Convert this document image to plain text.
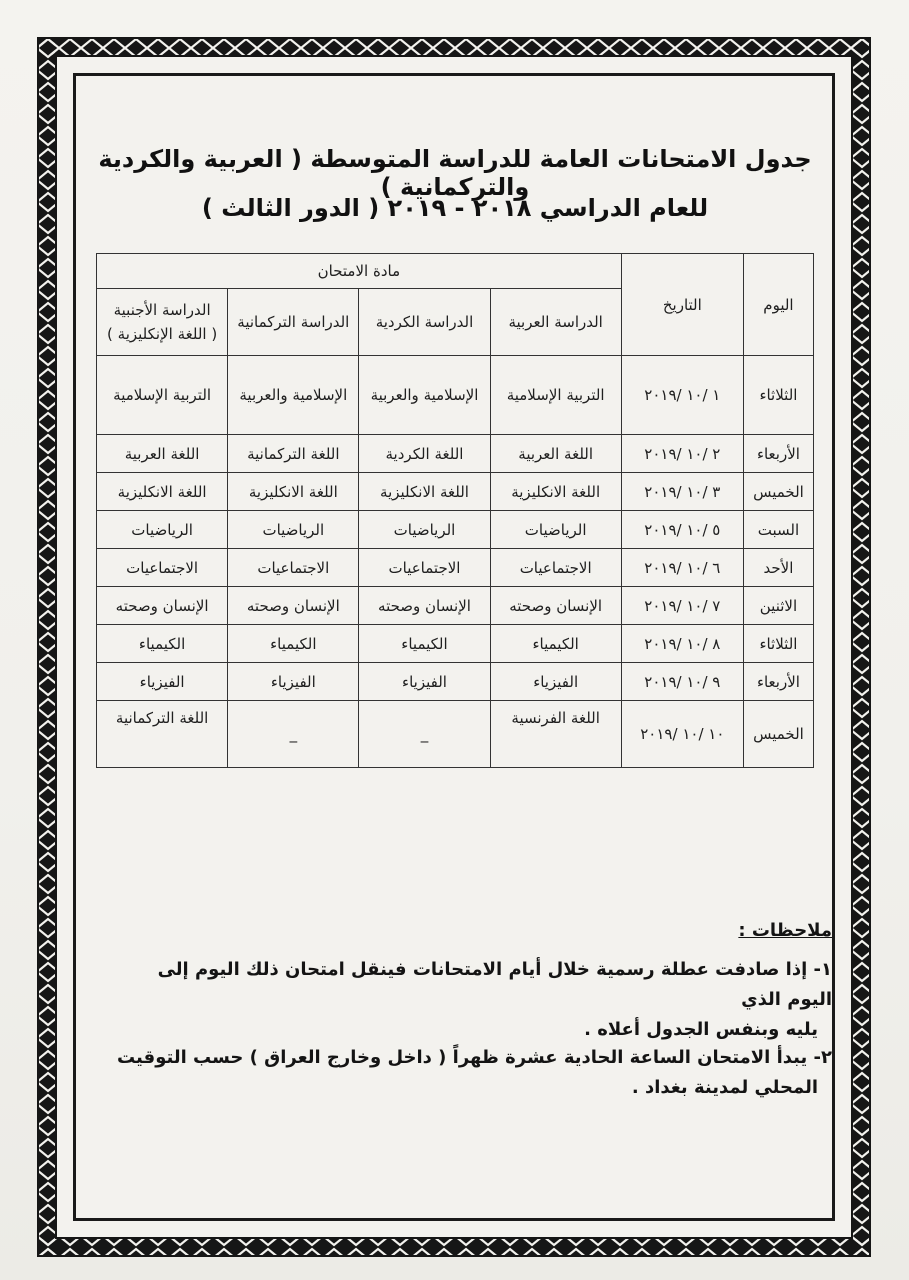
جدول الامتحانات العامة للدراسة المتوسطة ( العربية والكردية والتركمانية )
للعام الدراسي ٢٠١٨ - ٢٠١٩ ( الدور الثالث )
اليوم	التاريخ	مادة الامتحان			
		الدراسة العربية	الدراسة الكردية	الدراسة التركمانية	الدراسة الأجنبية
( اللغة الإنكليزية )

الثلاثاء	١ /١٠ /٢٠١٩	التربية الإسلامية	الإسلامية والعربية	الإسلامية والعربية	التربية الإسلامية
الأربعاء	٢ /١٠ /٢٠١٩	اللغة العربية	اللغة الكردية	اللغة التركمانية	اللغة العربية
الخميس	٣ /١٠ /٢٠١٩	اللغة الانكليزية	اللغة الانكليزية	اللغة الانكليزية	اللغة الانكليزية
السبت	٥ /١٠ /٢٠١٩	الرياضيات	الرياضيات	الرياضيات	الرياضيات
الأحد	٦ /١٠ /٢٠١٩	الاجتماعيات	الاجتماعيات	الاجتماعيات	الاجتماعيات
الاثنين	٧ /١٠ /٢٠١٩	الإنسان وصحته	الإنسان وصحته	الإنسان وصحته	الإنسان وصحته
الثلاثاء	٨ /١٠ /٢٠١٩	الكيمياء	الكيمياء	الكيمياء	الكيمياء
الأربعاء	٩ /١٠ /٢٠١٩	الفيزياء	الفيزياء	الفيزياء	الفيزياء
الخميس	١٠ /١٠ /٢٠١٩	اللغة الفرنسية	_	_	اللغة التركمانية
ملاحظات :
١- إذا صادفت عطلة رسمية خلال أيام الامتحانات فينقل امتحان ذلك اليوم إلى اليوم الذي
يليه وبنفس الجدول أعلاه .
٢- يبدأ الامتحان الساعة الحادية عشرة ظهراً ( داخل وخارج العراق ) حسب التوقيت
المحلي لمدينة بغداد .
